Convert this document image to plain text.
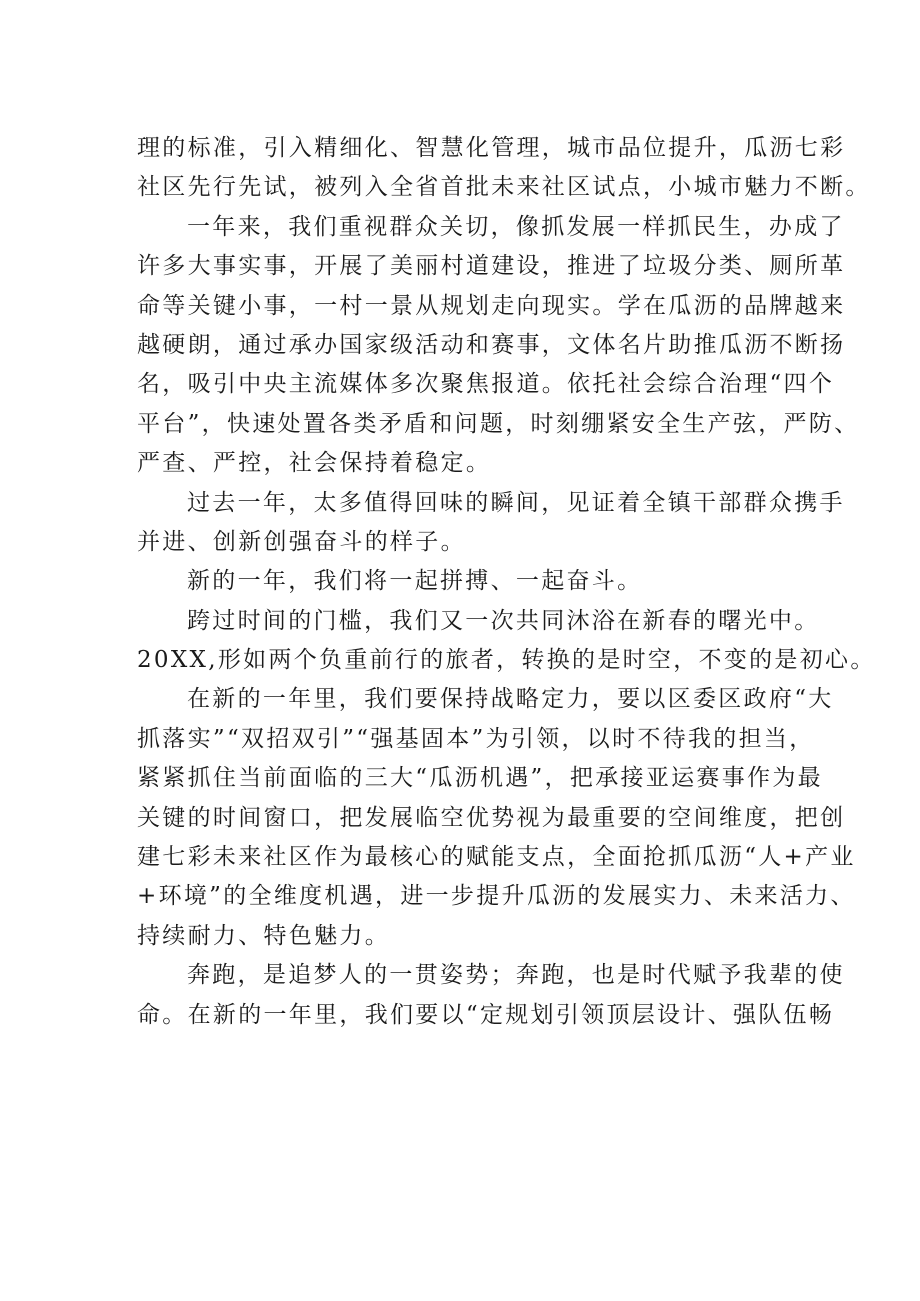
理的标准，引入精细化、智慧化管理，城市品位提升，瓜沥七彩
社区先行先试，被列入全省首批未来社区试点，小城市魅力不断。
一年来，我们重视群众关切，像抓发展一样抓民生，办成了
许多大事实事，开展了美丽村道建设，推进了垃圾分类、厕所革
命等关键小事，一村一景从规划走向现实。学在瓜沥的品牌越来
越硬朗，通过承办国家级活动和赛事，文体名片助推瓜沥不断扬
名，吸引中央主流媒体多次聚焦报道。依托社会综合治理“四个
平台”，快速处置各类矛盾和问题，时刻绷紧安全生产弦，严防、
严查、严控，社会保持着稳定。
过去一年，太多值得回味的瞬间，见证着全镇干部群众携手
并进、创新创强奋斗的样子。
新的一年，我们将一起拼搏、一起奋斗。
跨过时间的门槛，我们又一次共同沐浴在新春的曙光中。
20XX,形如两个负重前行的旅者，转换的是时空，不变的是初心。
在新的一年里，我们要保持战略定力，要以区委区政府“大
抓落实”“双招双引”“强基固本”为引领，以时不待我的担当，
紧紧抓住当前面临的三大“瓜沥机遇”，把承接亚运赛事作为最
关键的时间窗口，把发展临空优势视为最重要的空间维度，把创
建七彩未来社区作为最核心的赋能支点，全面抢抓瓜沥“人+产业
+环境”的全维度机遇，进一步提升瓜沥的发展实力、未来活力、
持续耐力、特色魅力。
奔跑，是追梦人的一贯姿势；奔跑，也是时代赋予我辈的使
命。在新的一年里，我们要以“定规划引领顶层设计、强队伍畅
